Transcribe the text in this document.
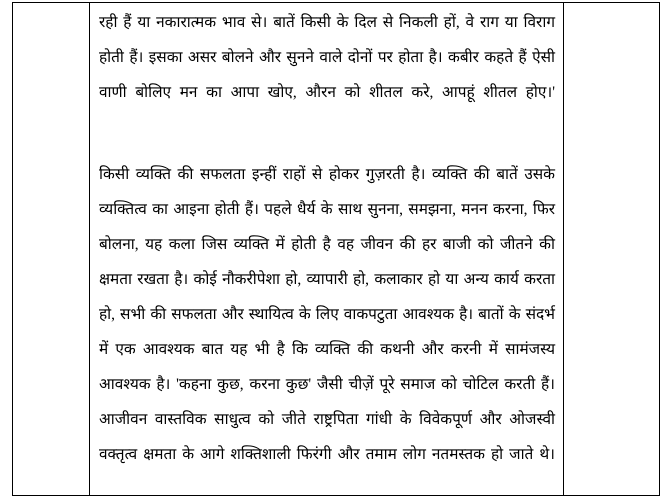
रही हैं या नकारात्मक भाव से। बातें किसी के दिल से निकली हों, वे राग या विराग होती हैं। इसका असर बोलने और सुनने वाले दोनों पर होता है। कबीर कहते हैं ऐसी वाणी बोलिए मन का आपा खोए, औरन को शीतल करे, आपहूं शीतल होए।'

किसी व्यक्ति की सफलता इन्हीं राहों से होकर गुज़रती है। व्यक्ति की बातें उसके व्यक्तित्व का आइना होती हैं। पहले धैर्य के साथ सुनना, समझना, मनन करना, फिर बोलना, यह कला जिस व्यक्ति में होती है वह जीवन की हर बाजी को जीतने की क्षमता रखता है। कोई नौकरीपेशा हो, व्यापारी हो, कलाकार हो या अन्य कार्य करता हो, सभी की सफलता और स्थायित्व के लिए वाकपटुता आवश्यक है। बातों के संदर्भ में एक आवश्यक बात यह भी है कि व्यक्ति की कथनी और करनी में सामंजस्य आवश्यक है। 'कहना कुछ, करना कुछ' जैसी चीज़ें पूरे समाज को चोटिल करती हैं। आजीवन वास्तविक साधुत्व को जीते राष्ट्रपिता गांधी के विवेकपूर्ण और ओजस्वी वक्तृत्व क्षमता के आगे शक्तिशाली फिरंगी और तमाम लोग नतमस्तक हो जाते थे।
